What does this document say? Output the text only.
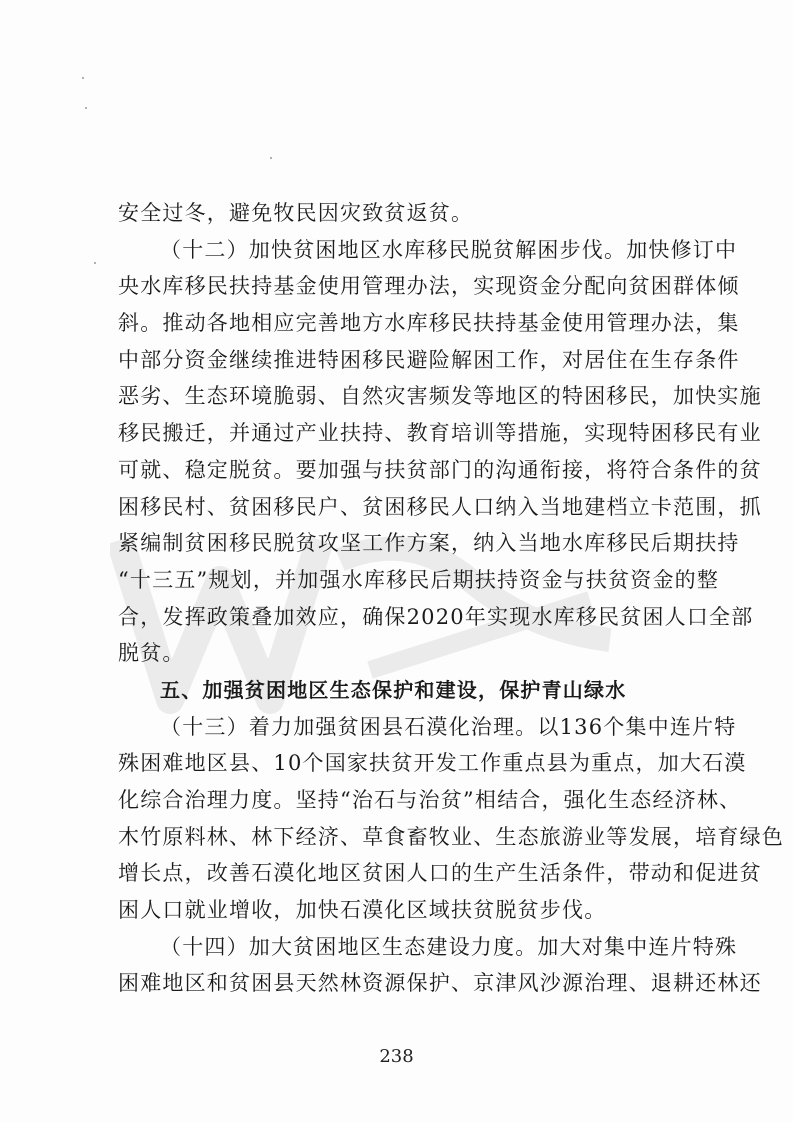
安全过冬，避免牧民因灾致贫返贫。
（十二）加快贫困地区水库移民脱贫解困步伐。加快修订中
央水库移民扶持基金使用管理办法，实现资金分配向贫困群体倾
斜。推动各地相应完善地方水库移民扶持基金使用管理办法，集
中部分资金继续推进特困移民避险解困工作，对居住在生存条件
恶劣、生态环境脆弱、自然灾害频发等地区的特困移民，加快实施
移民搬迁，并通过产业扶持、教育培训等措施，实现特困移民有业
可就、稳定脱贫。要加强与扶贫部门的沟通衔接，将符合条件的贫
困移民村、贫困移民户、贫困移民人口纳入当地建档立卡范围，抓
紧编制贫困移民脱贫攻坚工作方案，纳入当地水库移民后期扶持
“十三五”规划，并加强水库移民后期扶持资金与扶贫资金的整
合，发挥政策叠加效应，确保2020年实现水库移民贫困人口全部
脱贫。
五、加强贫困地区生态保护和建设，保护青山绿水
（十三）着力加强贫困县石漠化治理。以136个集中连片特
殊困难地区县、10个国家扶贫开发工作重点县为重点，加大石漠
化综合治理力度。坚持“治石与治贫”相结合，强化生态经济林、
木竹原料林、林下经济、草食畜牧业、生态旅游业等发展，培育绿色
增长点，改善石漠化地区贫困人口的生产生活条件，带动和促进贫
困人口就业增收，加快石漠化区域扶贫脱贫步伐。
（十四）加大贫困地区生态建设力度。加大对集中连片特殊
困难地区和贫困县天然林资源保护、京津风沙源治理、退耕还林还
238
